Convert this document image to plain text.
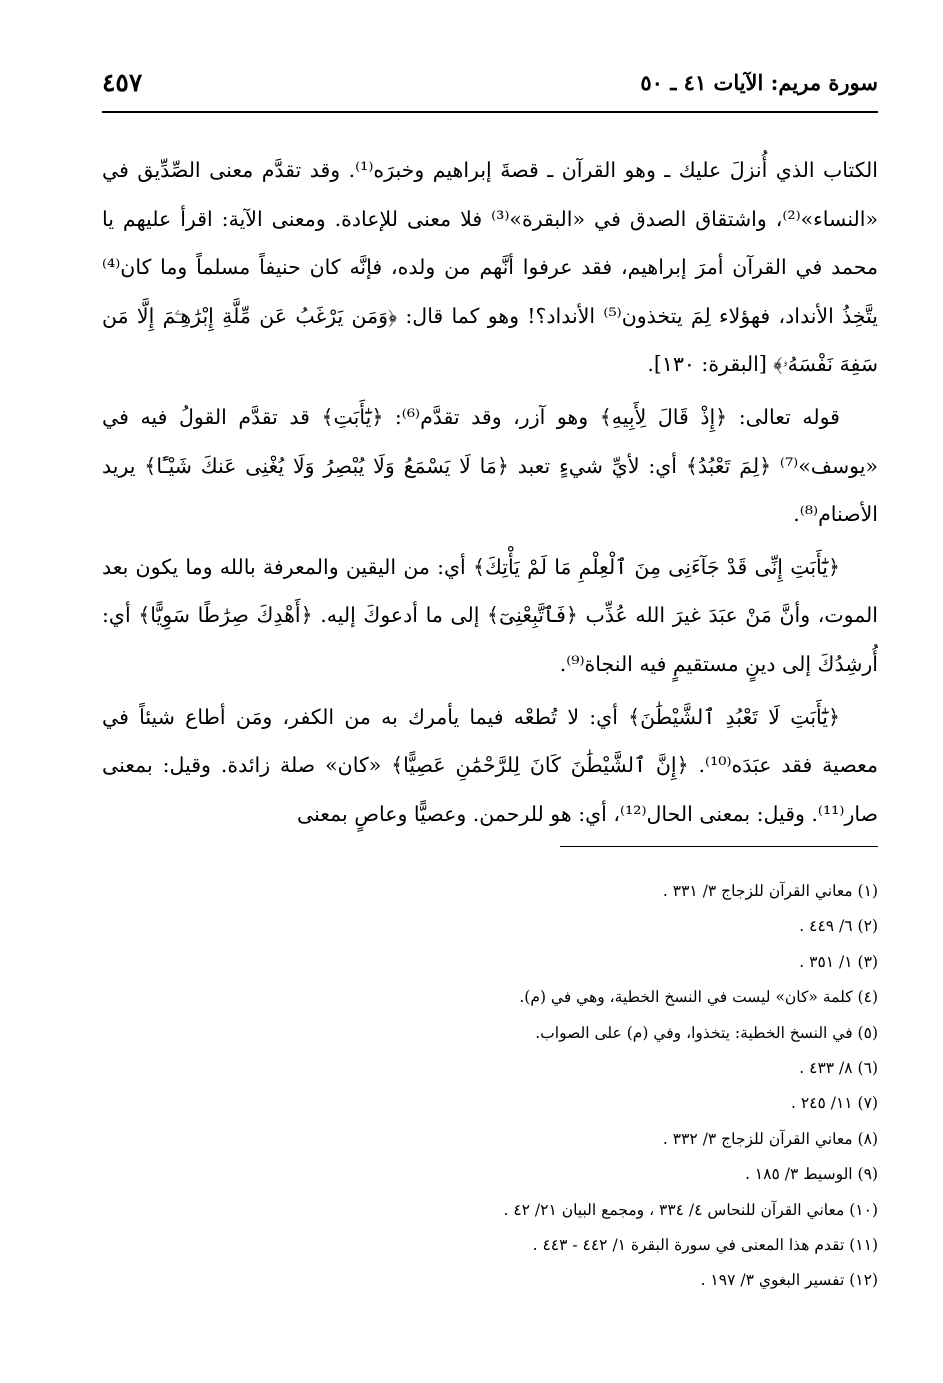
سورة مريم: الآيات ٤١ ـ ٥٠
٤٥٧

الكتاب الذي أُنزلَ عليك ـ وهو القرآن ـ قصةَ إبراهيم وخبرَه⁽¹⁾. وقد تقدَّم معنى الصِّدِّيق في «النساء»⁽²⁾، واشتقاق الصدق في «البقرة»⁽³⁾ فلا معنى للإعادة. ومعنى الآية: اقرأ عليهم يا محمد في القرآن أمرَ إبراهيم، فقد عرفوا أنَّهم من ولده، فإنَّه كان حنيفاً مسلماً وما كان⁽⁴⁾ يتَّخِذُ الأنداد، فهؤلاء لِمَ يتخذون⁽⁵⁾ الأنداد؟! وهو كما قال: ﴿وَمَن يَرْغَبُ عَن مِّلَّةِ إِبْرَٰهِـۧمَ إِلَّا مَن سَفِهَ نَفْسَهُۥ﴾ [البقرة: ١٣٠].

قوله تعالى: ﴿إِذْ قَالَ لِأَبِيهِ﴾ وهو آزر، وقد تقدَّم⁽⁶⁾: ﴿يَٰٓأَبَتِ﴾ قد تقدَّم القولُ فيه في «يوسف»⁽⁷⁾ ﴿لِمَ تَعْبُدُ﴾ أي: لأيِّ شيءٍ تعبد ﴿مَا لَا يَسْمَعُ وَلَا يُبْصِرُ وَلَا يُغْنِى عَنكَ شَيْـًٔا﴾ يريد الأصنام⁽⁸⁾.

﴿يَٰٓأَبَتِ إِنِّى قَدْ جَآءَنِى مِنَ ٱلْعِلْمِ مَا لَمْ يَأْتِكَ﴾ أي: من اليقين والمعرفة بالله وما يكون بعد الموت، وأنَّ مَنْ عبَدَ غيرَ الله عُذِّب ﴿فَٱتَّبِعْنِىٓ﴾ إلى ما أدعوكَ إليه. ﴿أَهْدِكَ صِرَٰطًا سَوِيًّا﴾ أي: أُرشِدُكَ إلى دينٍ مستقيمٍ فيه النجاة⁽⁹⁾.

﴿يَٰٓأَبَتِ لَا تَعْبُدِ ٱلشَّيْطَٰنَ﴾ أي: لا تُطعْه فيما يأمرك به من الكفر، ومَن أطاع شيئاً في معصية فقد عبَدَه⁽¹⁰⁾. ﴿إِنَّ ٱلشَّيْطَٰنَ كَانَ لِلرَّحْمَٰنِ عَصِيًّا﴾ «كان» صلة زائدة. وقيل: بمعنى صار⁽¹¹⁾. وقيل: بمعنى الحال⁽¹²⁾، أي: هو للرحمن. وعصيًّا وعاصٍ بمعنى

(١) معاني القرآن للزجاج ٣/ ٣٣١ .
(٢) ٦/ ٤٤٩ .
(٣) ١/ ٣٥١ .
(٤) كلمة «كان» ليست في النسخ الخطية، وهي في (م).
(٥) في النسخ الخطية: يتخذوا، وفي (م) على الصواب.
(٦) ٨/ ٤٣٣ .
(٧) ١١/ ٢٤٥ .
(٨) معاني القرآن للزجاج ٣/ ٣٣٢ .
(٩) الوسيط ٣/ ١٨٥ .
(١٠) معاني القرآن للنحاس ٤/ ٣٣٤ ، ومجمع البيان ٢١/ ٤٢ .
(١١) تقدم هذا المعنى في سورة البقرة ١/ ٤٤٢ - ٤٤٣ .
(١٢) تفسير البغوي ٣/ ١٩٧ .
